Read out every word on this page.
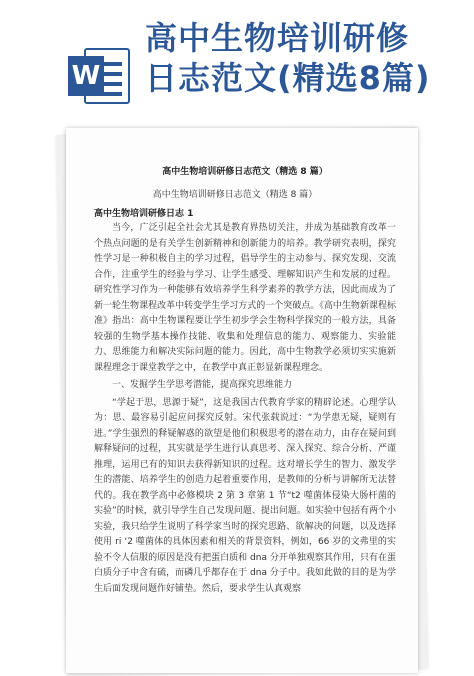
W
高中生物培训研修
日志范文(精选8篇)
高中生物培训研修日志范文（精选 8 篇）
高中生物培训研修日志范文（精选 8 篇）
高中生物培训研修日志 1

当今，广泛引起全社会尤其是教育界热切关注，并成为基础教育改革一个热点问题的是有关学生创新精神和创新能力的培养。教学研究表明，探究性学习是一种积极自主的学习过程，倡导学生的主动参与、探究发现、交流合作，注重学生的经验与学习、让学生感受、理解知识产生和发展的过程。研究性学习作为一种能够有效培养学生科学素养的教学方法，因此而成为了新一轮生物课程改革中转变学生学习方式的一个突破点。《高中生物新课程标准》指出：高中生物课程要让学生初步学会生物科学探究的一般方法，具备较强的生物学基本操作技能、收集和处理信息的能力、观察能力、实验能力、思维能力和解决实际问题的能力。因此，高中生物教学必须切实实施新课程理念于课堂教学之中，在教学中真正彰显新课程理念。

一、发掘学生学思考潜能，提高探究思维能力

“学起于思，思源于疑”，这是我国古代教育学家的精辟论述。心理学认为：思、最容易引起应问探究反射。宋代张载说过：“为学患无疑，疑则有进。”学生强烈的释疑解惑的欲望是他们积极思考的潜在动力，由存在疑问到解释疑问的过程，其实就是学生进行认真思考、深入探究、综合分析、严谨推理，运用已有的知识去获得新知识的过程。这对增长学生的智力、激发学生的潜能、培养学生的创造力起着重要作用，是教师的分析与讲解所无法替代的。我在教学高中必修模块 2 第 3 章第 1 节“t2 噬菌体侵染大肠杆菌的实验”的时候，就引导学生自己发现问题、提出问题。如实验中包括有两个小实验，我只给学生说明了科学家当时的探究思路、欲解决的问题，以及选择使用 ri ‘2 噬菌体的具体因素和相关的背景资料，例如，66 岁的文弗里的实验不令人信服的原因是没有把蛋白质和 dna 分开单独观察其作用，只有在蛋白质分子中含有硫，而磷几乎都存在于 dna 分子中。我如此做的目的是为学生后面发现问题作好铺垫。然后，要求学生认真观察
